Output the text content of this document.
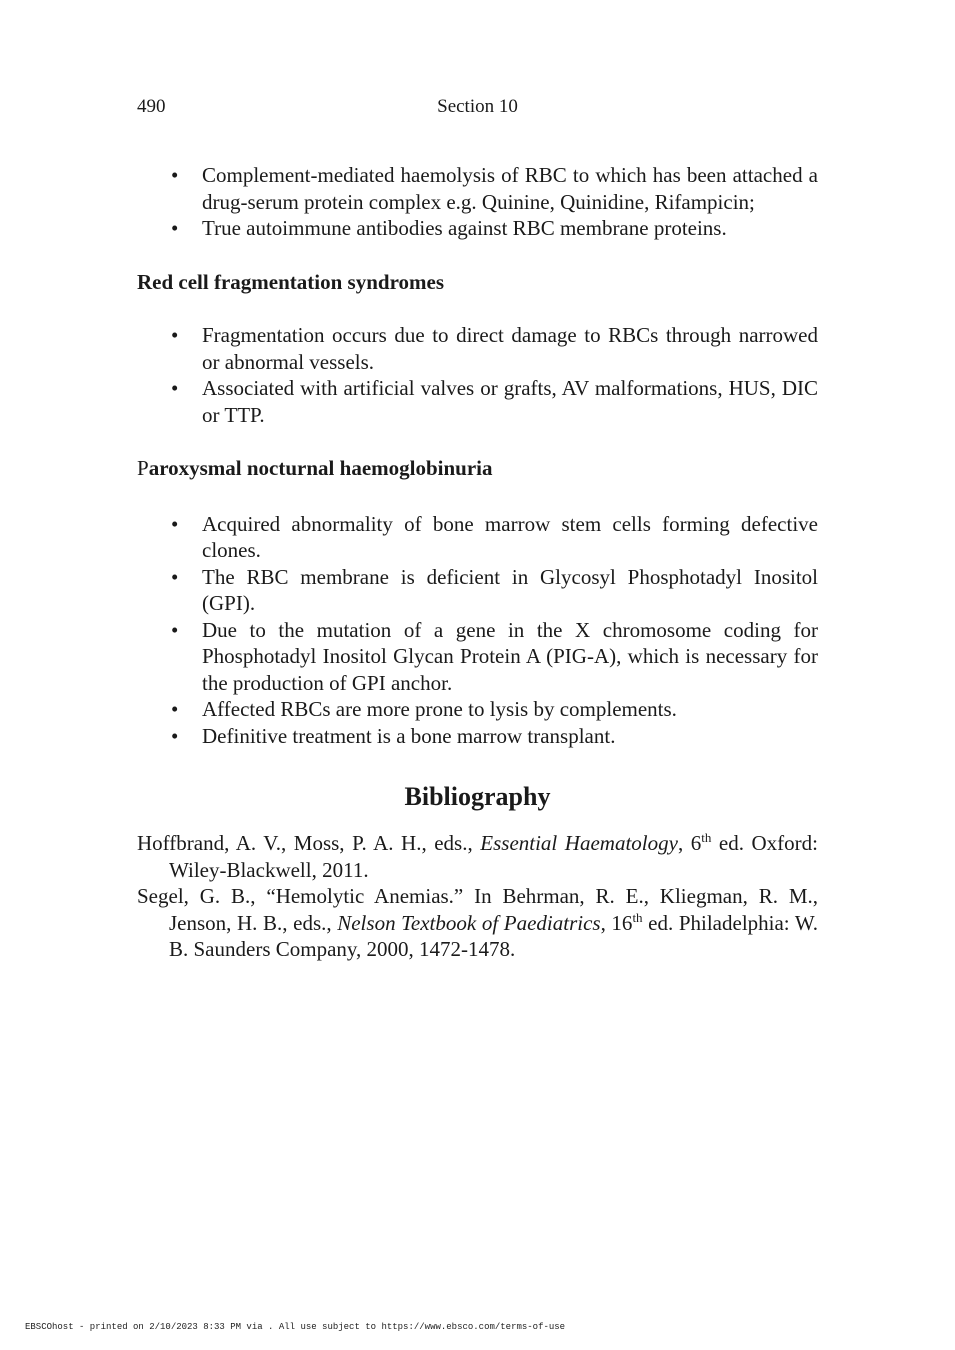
490	Section 10
• Complement-mediated haemolysis of RBC to which has been attached a drug-serum protein complex e.g. Quinine, Quinidine, Rifampicin;
• True autoimmune antibodies against RBC membrane proteins.

Red cell fragmentation syndromes

• Fragmentation occurs due to direct damage to RBCs through narrowed or abnormal vessels.
• Associated with artificial valves or grafts, AV malformations, HUS, DIC or TTP.

Paroxysmal nocturnal haemoglobinuria

• Acquired abnormality of bone marrow stem cells forming defective clones.
• The RBC membrane is deficient in Glycosyl Phosphotadyl Inositol (GPI).
• Due to the mutation of a gene in the X chromosome coding for Phosphotadyl Inositol Glycan Protein A (PIG-A), which is necessary for the production of GPI anchor.
• Affected RBCs are more prone to lysis by complements.
• Definitive treatment is a bone marrow transplant.

Bibliography

Hoffbrand, A. V., Moss, P. A. H., eds., Essential Haematology, 6th ed. Oxford: Wiley-Blackwell, 2011.
Segel, G. B., “Hemolytic Anemias.” In Behrman, R. E., Kliegman, R. M., Jenson, H. B., eds., Nelson Textbook of Paediatrics, 16th ed. Philadelphia: W. B. Saunders Company, 2000, 1472-1478.
EBSCOhost - printed on 2/10/2023 8:33 PM via . All use subject to https://www.ebsco.com/terms-of-use
